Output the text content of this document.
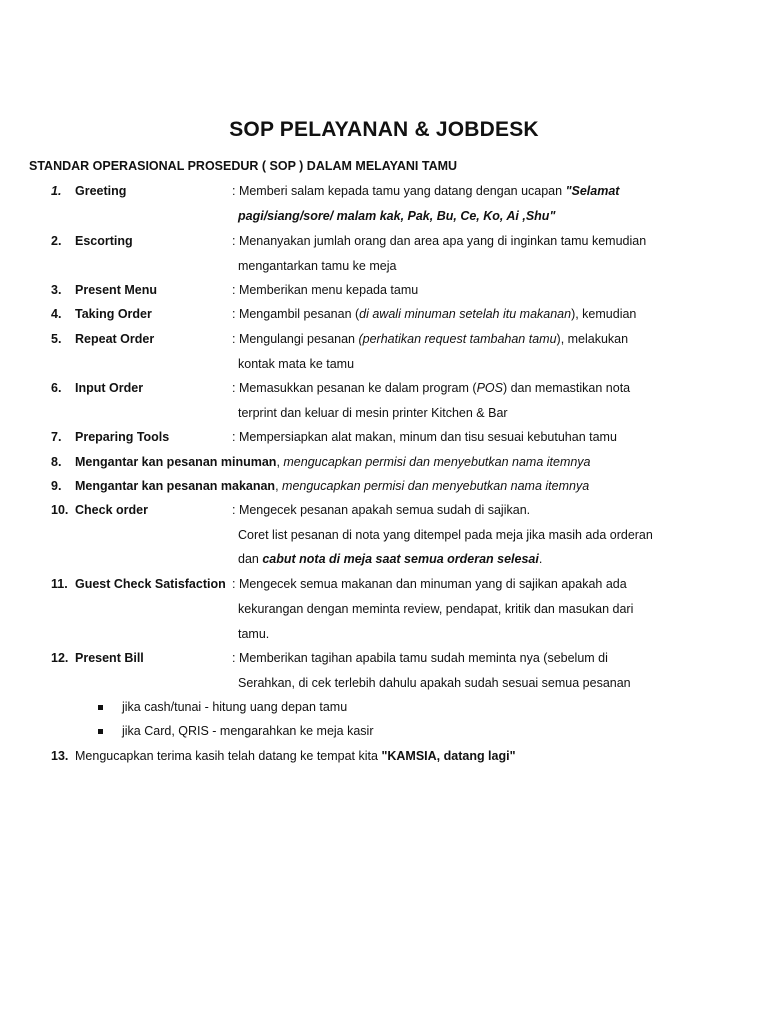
SOP PELAYANAN & JOBDESK
STANDAR OPERASIONAL PROSEDUR ( SOP ) DALAM MELAYANI TAMU
1. Greeting	: Memberi salam kepada tamu yang datang dengan ucapan "Selamat
pagi/siang/sore/ malam kak, Pak, Bu, Ce, Ko, Ai ,Shu"
2. Escorting	: Menanyakan jumlah orang dan area apa yang di inginkan tamu kemudian
mengantarkan tamu ke meja
3. Present Menu	: Memberikan menu kepada tamu
4. Taking Order	: Mengambil pesanan (di awali minuman setelah itu makanan), kemudian
5. Repeat Order	: Mengulangi pesanan (perhatikan request tambahan tamu), melakukan
kontak mata ke tamu
6. Input Order	: Memasukkan pesanan ke dalam program (POS) dan memastikan nota
terprint dan keluar di mesin printer Kitchen & Bar
7. Preparing Tools	: Mempersiapkan alat makan, minum dan tisu sesuai kebutuhan tamu
8. Mengantar kan pesanan minuman, mengucapkan permisi dan menyebutkan nama itemnya
9. Mengantar kan pesanan makanan, mengucapkan permisi dan menyebutkan nama itemnya
10. Check order	: Mengecek pesanan apakah semua sudah di sajikan.
Coret list pesanan di nota yang ditempel pada meja jika masih ada orderan
dan cabut nota di meja saat semua orderan selesai.
11. Guest Check Satisfaction : Mengecek semua makanan dan minuman yang di sajikan apakah ada
kekurangan dengan meminta review, pendapat, kritik dan masukan dari
tamu.
12. Present Bill	: Memberikan tagihan apabila tamu sudah meminta nya (sebelum di
Serahkan, di cek terlebih dahulu apakah sudah sesuai semua pesanan
jika cash/tunai - hitung uang depan tamu
jika Card, QRIS - mengarahkan ke meja kasir
13. Mengucapkan terima kasih telah datang ke tempat kita "KAMSIA, datang lagi"
